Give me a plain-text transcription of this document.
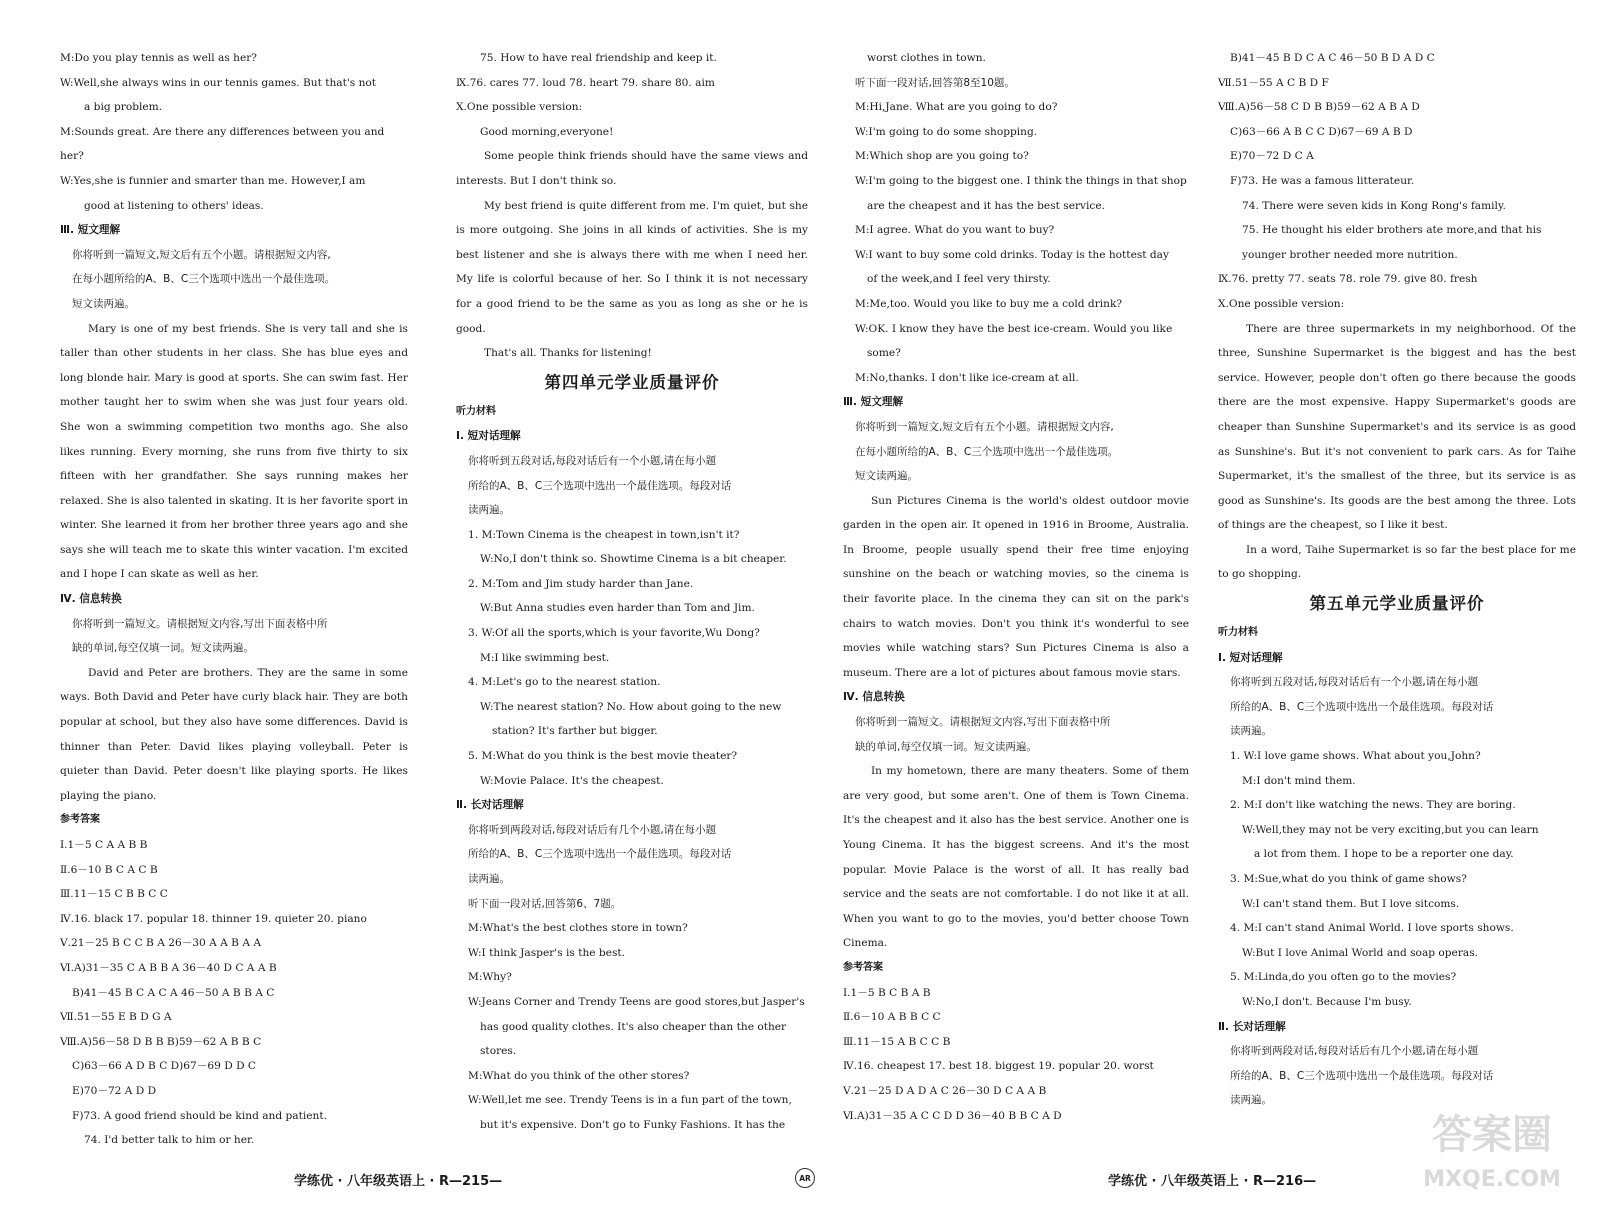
M:Do you play tennis as well as her?

W:Well,she always wins in our tennis games. But that's not

a big problem.

M:Sounds great. Are there any differences between you and her?

W:Yes,she is funnier and smarter than me. However,I am

good at listening to others' ideas.

Ⅲ. 短文理解

你将听到一篇短文,短文后有五个小题。请根据短文内容,

在每小题所给的A、B、C三个选项中选出一个最佳选项。

短文读两遍。

Mary is one of my best friends. She is very tall and she is taller than other students in her class. She has blue eyes and long blonde hair. Mary is good at sports. She can swim fast. Her mother taught her to swim when she was just four years old. She won a swimming competition two months ago. She also likes running. Every morning, she runs from five thirty to six fifteen with her grandfather. She says running makes her relaxed. She is also talented in skating. It is her favorite sport in winter. She learned it from her brother three years ago and she says she will teach me to skate this winter vacation. I'm excited and I hope I can skate as well as her.

Ⅳ. 信息转换

你将听到一篇短文。请根据短文内容,写出下面表格中所

缺的单词,每空仅填一词。短文读两遍。

David and Peter are brothers. They are the same in some ways. Both David and Peter have curly black hair. They are both popular at school, but they also have some differences. David is thinner than Peter. David likes playing volleyball. Peter is quieter than David. Peter doesn't like playing sports. He likes playing the piano.

参考答案

Ⅰ.1－5 C A A B B

Ⅱ.6－10 B C A C B

Ⅲ.11－15 C B B C C

Ⅳ.16. black 17. popular 18. thinner 19. quieter 20. piano

Ⅴ.21－25 B C C B A 26－30 A A B A A

Ⅵ.A)31－35 C A B B A 36－40 D C A A B

B)41－45 B C A C A 46－50 A B B A C

Ⅶ.51－55 E B D G A

Ⅷ.A)56－58 D B B B)59－62 A B B C

C)63－66 A D B C D)67－69 D D C

E)70－72 A D D

F)73. A good friend should be kind and patient.

74. I'd better talk to him or her.

75. How to have real friendship and keep it.

Ⅸ.76. cares 77. loud 78. heart 79. share 80. aim

Ⅹ.One possible version:

Good morning,everyone!

Some people think friends should have the same views and interests. But I don't think so.

My best friend is quite different from me. I'm quiet, but she is more outgoing. She joins in all kinds of activities. She is my best listener and she is always there with me when I need her. My life is colorful because of her. So I think it is not necessary for a good friend to be the same as you as long as she or he is good.

That's all. Thanks for listening!

第四单元学业质量评价

听力材料

Ⅰ. 短对话理解

你将听到五段对话,每段对话后有一个小题,请在每小题

所给的A、B、C三个选项中选出一个最佳选项。每段对话

读两遍。

1. M:Town Cinema is the cheapest in town,isn't it?

W:No,I don't think so. Showtime Cinema is a bit cheaper.

2. M:Tom and Jim study harder than Jane.

W:But Anna studies even harder than Tom and Jim.

3. W:Of all the sports,which is your favorite,Wu Dong?

M:I like swimming best.

4. M:Let's go to the nearest station.

W:The nearest station? No. How about going to the new

station? It's farther but bigger.

5. M:What do you think is the best movie theater?

W:Movie Palace. It's the cheapest.

Ⅱ. 长对话理解

你将听到两段对话,每段对话后有几个小题,请在每小题

所给的A、B、C三个选项中选出一个最佳选项。每段对话

读两遍。

听下面一段对话,回答第6、7题。

M:What's the best clothes store in town?

W:I think Jasper's is the best.

M:Why?

W:Jeans Corner and Trendy Teens are good stores,but Jasper's

has good quality clothes. It's also cheaper than the other

stores.

M:What do you think of the other stores?

W:Well,let me see. Trendy Teens is in a fun part of the town,

but it's expensive. Don't go to Funky Fashions. It has the

worst clothes in town.

听下面一段对话,回答第8至10题。

M:Hi,Jane. What are you going to do?

W:I'm going to do some shopping.

M:Which shop are you going to?

W:I'm going to the biggest one. I think the things in that shop

are the cheapest and it has the best service.

M:I agree. What do you want to buy?

W:I want to buy some cold drinks. Today is the hottest day

of the week,and I feel very thirsty.

M:Me,too. Would you like to buy me a cold drink?

W:OK. I know they have the best ice-cream. Would you like

some?

M:No,thanks. I don't like ice-cream at all.

Ⅲ. 短文理解

你将听到一篇短文,短文后有五个小题。请根据短文内容,

在每小题所给的A、B、C三个选项中选出一个最佳选项。

短文读两遍。

Sun Pictures Cinema is the world's oldest outdoor movie garden in the open air. It opened in 1916 in Broome, Australia. In Broome, people usually spend their free time enjoying sunshine on the beach or watching movies, so the cinema is their favorite place. In the cinema they can sit on the park's chairs to watch movies. Don't you think it's wonderful to see movies while watching stars? Sun Pictures Cinema is also a museum. There are a lot of pictures about famous movie stars.

Ⅳ. 信息转换

你将听到一篇短文。请根据短文内容,写出下面表格中所

缺的单词,每空仅填一词。短文读两遍。

In my hometown, there are many theaters. Some of them are very good, but some aren't. One of them is Town Cinema. It's the cheapest and it also has the best service. Another one is Young Cinema. It has the biggest screens. And it's the most popular. Movie Palace is the worst of all. It has really bad service and the seats are not comfortable. I do not like it at all. When you want to go to the movies, you'd better choose Town Cinema.

参考答案

Ⅰ.1－5 B C B A B

Ⅱ.6－10 A B B C C

Ⅲ.11－15 A B C C B

Ⅳ.16. cheapest 17. best 18. biggest 19. popular 20. worst

Ⅴ.21－25 D A D A C 26－30 D C A A B

Ⅵ.A)31－35 A C C D D 36－40 B B C A D

B)41－45 B D C A C 46－50 B D A D C

Ⅶ.51－55 A C B D F

Ⅷ.A)56－58 C D B B)59－62 A B A D

C)63－66 A B C C D)67－69 A B D

E)70－72 D C A

F)73. He was a famous litterateur.

74. There were seven kids in Kong Rong's family.

75. He thought his elder brothers ate more,and that his

younger brother needed more nutrition.

Ⅸ.76. pretty 77. seats 78. role 79. give 80. fresh

Ⅹ.One possible version:

There are three supermarkets in my neighborhood. Of the three, Sunshine Supermarket is the biggest and has the best service. However, people don't often go there because the goods there are the most expensive. Happy Supermarket's goods are cheaper than Sunshine Supermarket's and its service is as good as Sunshine's. But it's not convenient to park cars. As for Taihe Supermarket, it's the smallest of the three, but its service is as good as Sunshine's. Its goods are the best among the three. Lots of things are the cheapest, so I like it best.

In a word, Taihe Supermarket is so far the best place for me to go shopping.

第五单元学业质量评价

听力材料

Ⅰ. 短对话理解

你将听到五段对话,每段对话后有一个小题,请在每小题

所给的A、B、C三个选项中选出一个最佳选项。每段对话

读两遍。

1. W:I love game shows. What about you,John?

M:I don't mind them.

2. M:I don't like watching the news. They are boring.

W:Well,they may not be very exciting,but you can learn

a lot from them. I hope to be a reporter one day.

3. M:Sue,what do you think of game shows?

W:I can't stand them. But I love sitcoms.

4. M:I can't stand Animal World. I love sports shows.

W:But I love Animal World and soap operas.

5. M:Linda,do you often go to the movies?

W:No,I don't. Because I'm busy.

Ⅱ. 长对话理解

你将听到两段对话,每段对话后有几个小题,请在每小题

所给的A、B、C三个选项中选出一个最佳选项。每段对话

读两遍。

学练优 · 八年级英语上 · R—215—	AR	学练优 · 八年级英语上 · R—216—
答案圈
MXQE.COM
